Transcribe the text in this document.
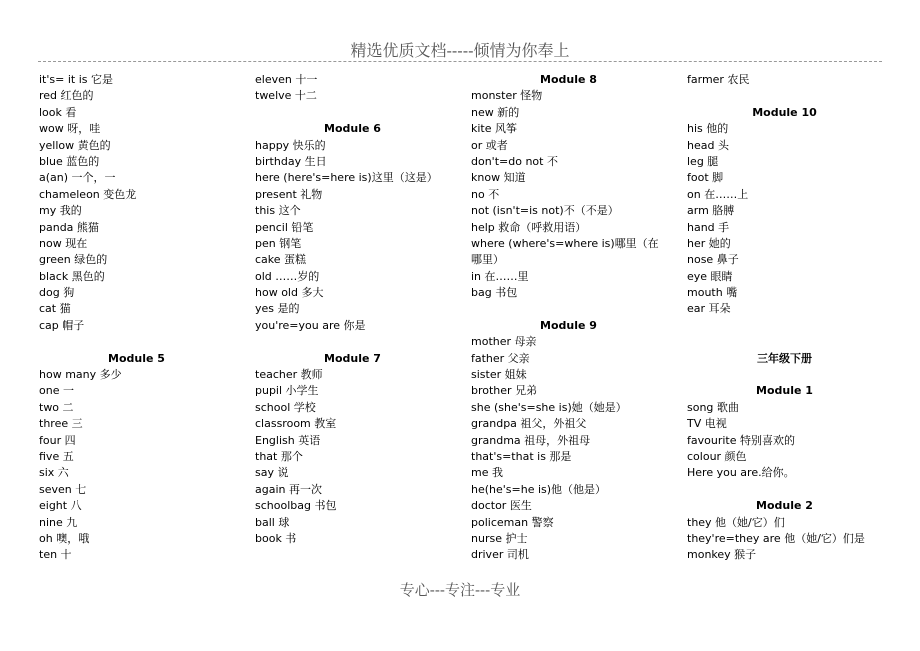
精选优质文档-----倾情为你奉上
it's= it is 它是
red 红色的
look 看
wow 呀，哇
yellow 黄色的
blue 蓝色的
a(an) 一个，一
chameleon 变色龙
my 我的
panda 熊猫
now 现在
green 绿色的
black 黑色的
dog 狗
cat 猫
cap 帽子
Module 5
how many 多少
one 一
two 二
three 三
four 四
five 五
six 六
seven 七
eight 八
nine 九
oh 噢，哦
ten 十
eleven 十一
twelve 十二
Module 6
happy 快乐的
birthday 生日
here (here's=here is)这里（这是）
present 礼物
this 这个
pencil 铅笔
pen 钢笔
cake 蛋糕
old ……岁的
how old 多大
yes 是的
you're=you are 你是
Module 7
teacher 教师
pupil 小学生
school 学校
classroom 教室
English 英语
that 那个
say 说
again 再一次
schoolbag 书包
ball 球
book 书
Module 8
monster 怪物
new 新的
kite 风筝
or 或者
don't=do not 不
know 知道
no 不
not (isn't=is not)不（不是）
help 救命（呼救用语）
where (where's=where is)哪里（在哪里）
in 在……里
bag 书包
Module 9
mother 母亲
father 父亲
sister 姐妹
brother 兄弟
she (she's=she is)她（她是）
grandpa 祖父，外祖父
grandma 祖母，外祖母
that's=that is 那是
me 我
he(he's=he is)他（他是）
doctor 医生
policeman 警察
nurse 护士
driver 司机
farmer 农民
Module 10
his 他的
head 头
leg 腿
foot 脚
on 在……上
arm 胳膊
hand 手
her 她的
nose 鼻子
eye 眼睛
mouth 嘴
ear 耳朵
三年级下册
Module 1
song 歌曲
TV 电视
favourite 特别喜欢的
colour 颜色
Here you are.给你。
Module 2
they 他（她/它）们
they're=they are 他（她/它）们是
monkey 猴子
专心---专注---专业
